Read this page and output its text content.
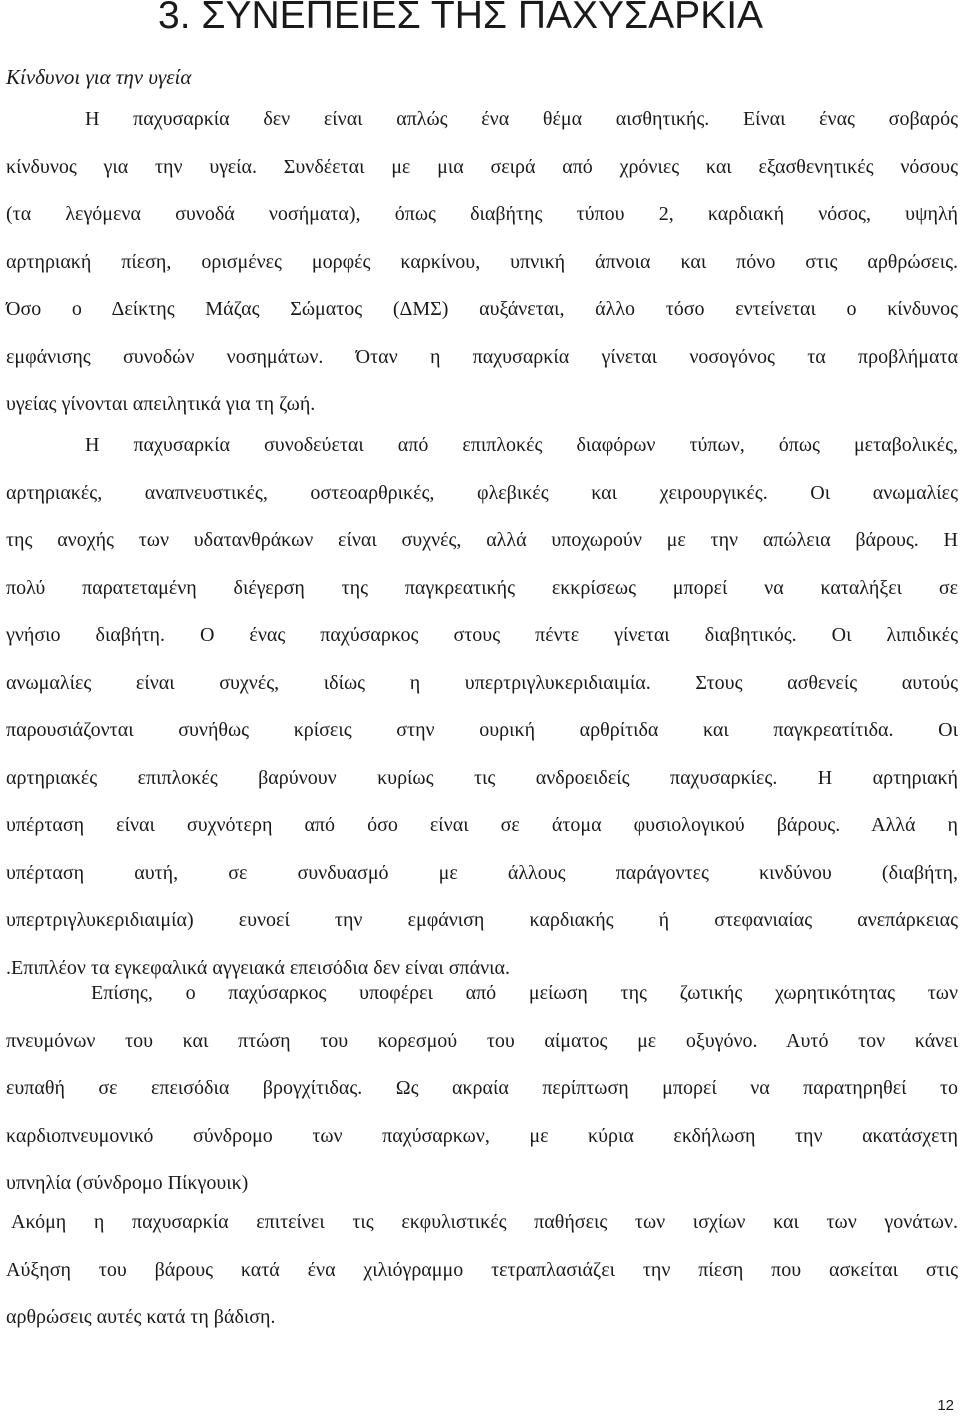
3. ΣΥΝΕΠΕΙΕΣ ΤΗΣ ΠΑΧΥΣΑΡΚΙΑ
Κίνδυνοι για την υγεία
Η παχυσαρκία δεν είναι απλώς ένα θέμα αισθητικής. Είναι ένας σοβαρός
κίνδυνος για την υγεία. Συνδέεται με μια σειρά από χρόνιες και εξασθενητικές νόσους
(τα λεγόμενα συνοδά νοσήματα), όπως διαβήτης τύπου 2, καρδιακή νόσος, υψηλή
αρτηριακή πίεση, ορισμένες μορφές καρκίνου, υπνική άπνοια και πόνο στις αρθρώσεις.
Όσο ο Δείκτης Μάζας Σώματος (ΔΜΣ) αυξάνεται, άλλο τόσο εντείνεται ο κίνδυνος
εμφάνισης συνοδών νοσημάτων. Όταν η παχυσαρκία γίνεται νοσογόνος τα προβλήματα
υγείας γίνονται απειλητικά για τη ζωή.
Η παχυσαρκία συνοδεύεται από επιπλοκές διαφόρων τύπων, όπως μεταβολικές,
αρτηριακές, αναπνευστικές, οστεοαρθρικές, φλεβικές και χειρουργικές. Οι ανωμαλίες
της ανοχής των υδατανθράκων είναι συχνές, αλλά υποχωρούν με την απώλεια βάρους. Η
πολύ παρατεταμένη διέγερση της παγκρεατικής εκκρίσεως μπορεί να καταλήξει σε
γνήσιο διαβήτη. Ο ένας παχύσαρκος στους πέντε γίνεται διαβητικός. Οι λιπιδικές
ανωμαλίες είναι συχνές, ιδίως η υπερτριγλυκεριδιαιμία. Στους ασθενείς αυτούς
παρουσιάζονται συνήθως κρίσεις στην ουρική αρθρίτιδα και παγκρεατίτιδα. Οι
αρτηριακές επιπλοκές βαρύνουν κυρίως τις ανδροειδείς παχυσαρκίες. Η αρτηριακή
υπέρταση είναι συχνότερη από όσο είναι σε άτομα φυσιολογικού βάρους. Αλλά η
υπέρταση αυτή, σε συνδυασμό με άλλους παράγοντες κινδύνου (διαβήτη,
υπερτριγλυκεριδιαιμία) ευνοεί την εμφάνιση καρδιακής ή στεφανιαίας ανεπάρκειας
.Επιπλέον τα εγκεφαλικά αγγειακά επεισόδια δεν είναι σπάνια.
Επίσης, ο παχύσαρκος υποφέρει από μείωση της ζωτικής χωρητικότητας των
πνευμόνων του και πτώση του κορεσμού του αίματος με οξυγόνο. Αυτό τον κάνει
ευπαθή σε επεισόδια βρογχίτιδας. Ως ακραία περίπτωση μπορεί να παρατηρηθεί το
καρδιοπνευμονικό σύνδρομο των παχύσαρκων, με κύρια εκδήλωση την ακατάσχετη
υπνηλία (σύνδρομο Πίκγουικ)
Ακόμη η παχυσαρκία επιτείνει τις εκφυλιστικές παθήσεις των ισχίων και των γονάτων.
Αύξηση του βάρους κατά ένα χιλιόγραμμο τετραπλασιάζει την πίεση που ασκείται στις
αρθρώσεις αυτές κατά τη βάδιση.
12
